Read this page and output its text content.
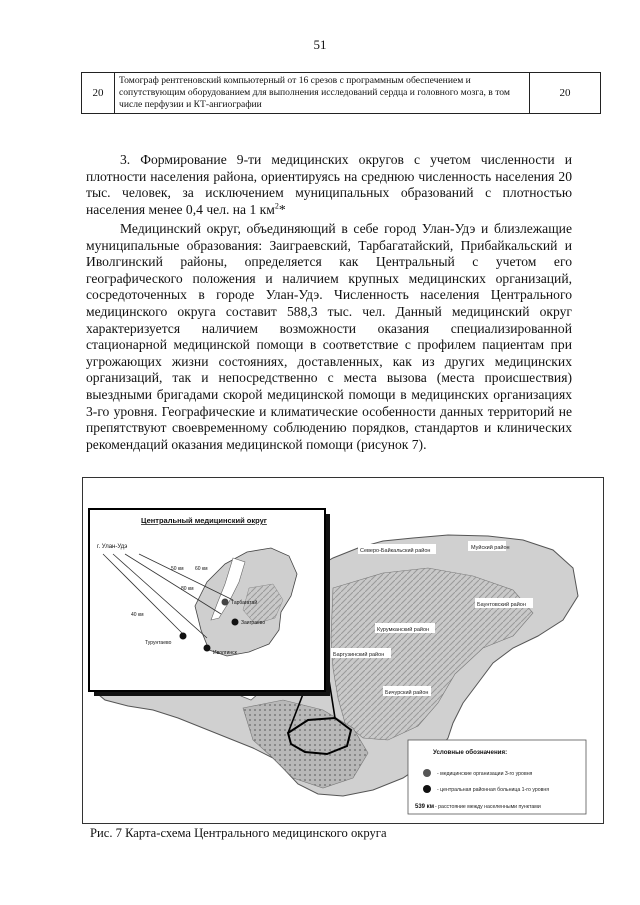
51
20	Томограф рентгеновский компьютерный от 16 срезов с программным обеспечением и сопутствующим оборудованием для выполнения исследований сердца и головного мозга, в том числе перфузии и КТ-ангиографии	20
3. Формирование 9-ти медицинских округов с учетом численности и плотности населения района, ориентируясь на среднюю численность населения 20 тыс. человек, за исключением муниципальных образований с плотностью населения менее 0,4 чел. на 1 $км^2*$
Медицинский округ, объединяющий в себе город Улан-Удэ и близлежащие муниципальные образования: Заиграевский, Тарбагатайский, Прибайкальский и Иволгинский районы, определяется как Центральный с учетом его географического положения и наличием крупных медицинских организаций, сосредоточенных в городе Улан-Удэ. Численность населения Центрального медицинского округа составит 588,3 тыс. чел. Данный медицинский округ характеризуется наличием возможности оказания специализированной стационарной медицинской помощи в соответствие с профилем пациентам при угрожающих жизни состояниях, доставленных, как из других медицинских организаций, так и непосредственно с места вызова (места происшествия) выездными бригадами скорой медицинской помощи в медицинских организациях 3-го уровня. Географические и климатические особенности данных территорий не препятствуют своевременному соблюдению порядков, стандартов и клинических рекомендаций оказания медицинской помощи (рисунок 7).
Северо-Байкальский район	Муйский район
Баунтовский район
Курумканский район
Баргузинский район
Бичурский район
Центральный медицинский округ
г. Улан-Удэ
50 км 60 км
80 км
40 км
Тарбагатай
Заиграево
Турунтаево
Иволгинск
Условные обозначения:
- медицинские организации 3-го уровня
- центральная районная больница 1-го уровня
539 км - расстояние между населенными пунктами
Рис. 7 Карта-схема Центрального медицинского округа
